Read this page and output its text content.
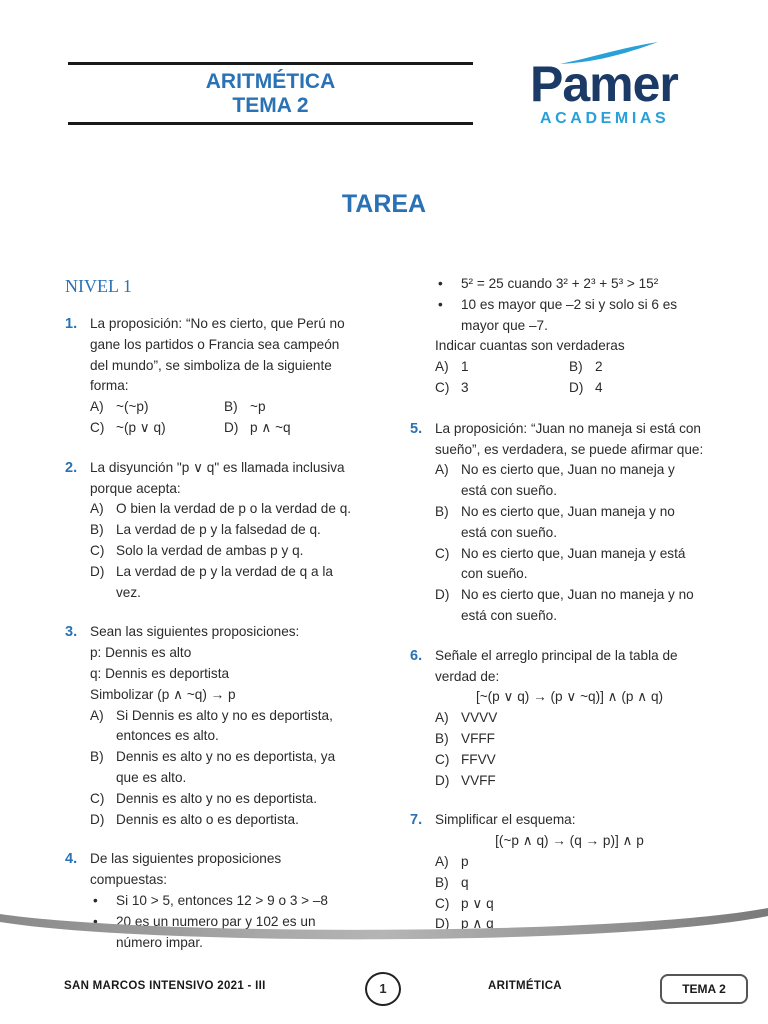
ARITMÉTICA
TEMA 2	Pamer
ACADEMIAS
TAREA
NIVEL 1
1. La proposición: “No es cierto, que Perú no gane los partidos o Francia sea campeón del mundo”, se simboliza de la siguiente forma:
A) ~(~p)	B) ~p
C) ~(p ∨ q)	D) p ∧ ~q
2. La disyunción "p ∨ q" es llamada inclusiva porque acepta:
A) O bien la verdad de p o la verdad de q.
B) La verdad de p y la falsedad de q.
C) Solo la verdad de ambas p y q.
D) La verdad de p y la verdad de q a la vez.
3. Sean las siguientes proposiciones:
p: Dennis es alto
q: Dennis es deportista
Simbolizar (p ∧ ~q) → p
A) Si Dennis es alto y no es deportista, entonces es alto.
B) Dennis es alto y no es deportista, ya que es alto.
C) Dennis es alto y no es deportista.
D) Dennis es alto o es deportista.
4. De las siguientes proposiciones compuestas:
• Si 10 > 5, entonces 12 > 9 o 3 > –8
• 20 es un numero par y 102 es un número impar.
• 5² = 25 cuando 3² + 2³ + 5³ > 15²
• 10 es mayor que –2 si y solo si 6 es mayor que –7.
Indicar cuantas son verdaderas
A) 1	B) 2
C) 3	D) 4
5. La proposición: “Juan no maneja si está con sueño”, es verdadera, se puede afirmar que:
A) No es cierto que, Juan no maneja y está con sueño.
B) No es cierto que, Juan maneja y no está con sueño.
C) No es cierto que, Juan maneja y está con sueño.
D) No es cierto que, Juan no maneja y no está con sueño.
6. Señale el arreglo principal de la tabla de verdad de:
[~(p ∨ q) → (p ∨ ~q)] ∧ (p ∧ q)
A) VVVV
B) VFFF
C) FFVV
D) VVFF
7. Simplificar el esquema:
[(~p ∧ q) → (q → p)] ∧ p
A) p
B) q
C) p ∨ q
D) p ∧ q
SAN MARCOS INTENSIVO 2021 - III	1	ARITMÉTICA	TEMA 2
